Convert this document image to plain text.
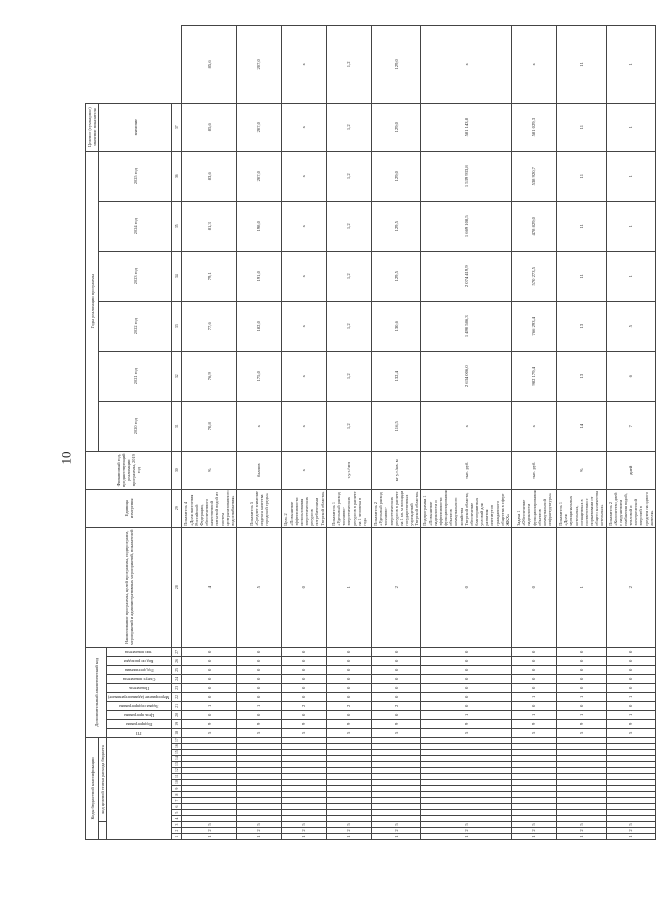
10
Коды бюджетной классификации																	Дополнительный аналитический код										Наименование программы, целей программы, подпрограмм, мероприятий и административных мероприятий, показателей	Единица измерения	Финансовый год, предшествующий реализации программы, 2019 год	Годы реализации программы						Целевое (суммарное) значение показателя	
			код целевой статьи расхода бюджета																											2020 год	2021 год	2022 год	2023 год	2024 год	2025 год	значение	
																	ГП	Подпрограмма	Цель программы	Задача подпрограммы	Мероприятие (административное)	Показатель	Статус показателя	Год достижения	Код по расходам	тип показателя											
1	2	3	4	5	6	7	8	9	10	11	12	13	14	15	16	17	18	19	20	21	22	23	24	25	26	27	28	29	30	31	32	33	34	35	36	37	
1	2	5															5	9	0	1	0	0	0	0	0	0	4	Показатель 4 «Доля населения Российской Федерации, обеспеченного качественной питьевой водой из систем централизованного водоснабжения»	%	70,8	76,9	77,6	79,1	81,3	83,6	85,6	85,6
1	2	5															5	9	0	1	0	0	0	0	0	0	5	Показатель 5 «Среднее значение индекса качества городской среды»	баллов	х	175,0	182,0	191,0	198,0	207,0	207,0	207,0
1	2	5															5	9	0	2	0	0	0	0	0	0	0	Цель 2 «Повышение эффективности использования энергетических ресурсов потребителями Тверской области»	х	х	х	х	х	х	х	х	х
1	2	5															5	9	0	2	0	0	0	0	0	0	1	Показатель 1 «Удельный расход топливно-энергетических ресурсов в расчете на 1 человека в год»	т.у.т./чел	1,2	1,2	1,2	1,2	1,2	1,2	1,2	1,2
1	2	5															5	9	0	2	0	0	0	0	0	0	2	Показатель 2 «Удельный расход топливно-энергетических ресурсов в расчете на 1 кв. м площади государственных учреждений Тверской области»	кг у.т./кв. м	116,5	132,4	130,6	129,5	129,5	129,0	129,0	129,0
1	2	5															5	9	1	0	0	0	0	0	0	0	0	Подпрограмма 1 «Повышение надежности и эффективности функционирования объектов коммунального хозяйства Тверской области, обеспечение благоприятных условий для развития институтов гражданского общества в сфере ЖКХ»	тыс. руб.	х	2 634 006,0	1 490 586,3	2 074 419,9	1 669 108,5	1 539 933,8	581 143,8	х
1	2	5															5	9	1	0	1	0	0	0	0	0	0	Задача 1 «Обеспечение надежности функционирования объектов коммунальной инфраструктуры»	тыс. руб.	х	982 179,4	766 293,4	570 273,5	478 829,0	538 920,7	581 029,3	х
1	2	5															5	9	1	0	1	0	0	0	0	0	1	Показатель 1 «Доля муниципальных котельных, оснащенных в соответствии с нормативами от общего количества котельных»	%	14	13	13	11	11	11	11	11
1	2	5															5	9	1	0	1	0	0	0	0	0	2	Показатель 2 «Количество дней с нарушением снабжения водой, тепловой и электрической энергией в среднем на одного жителя»	дней	7	6	5	1	1	1	1	1
